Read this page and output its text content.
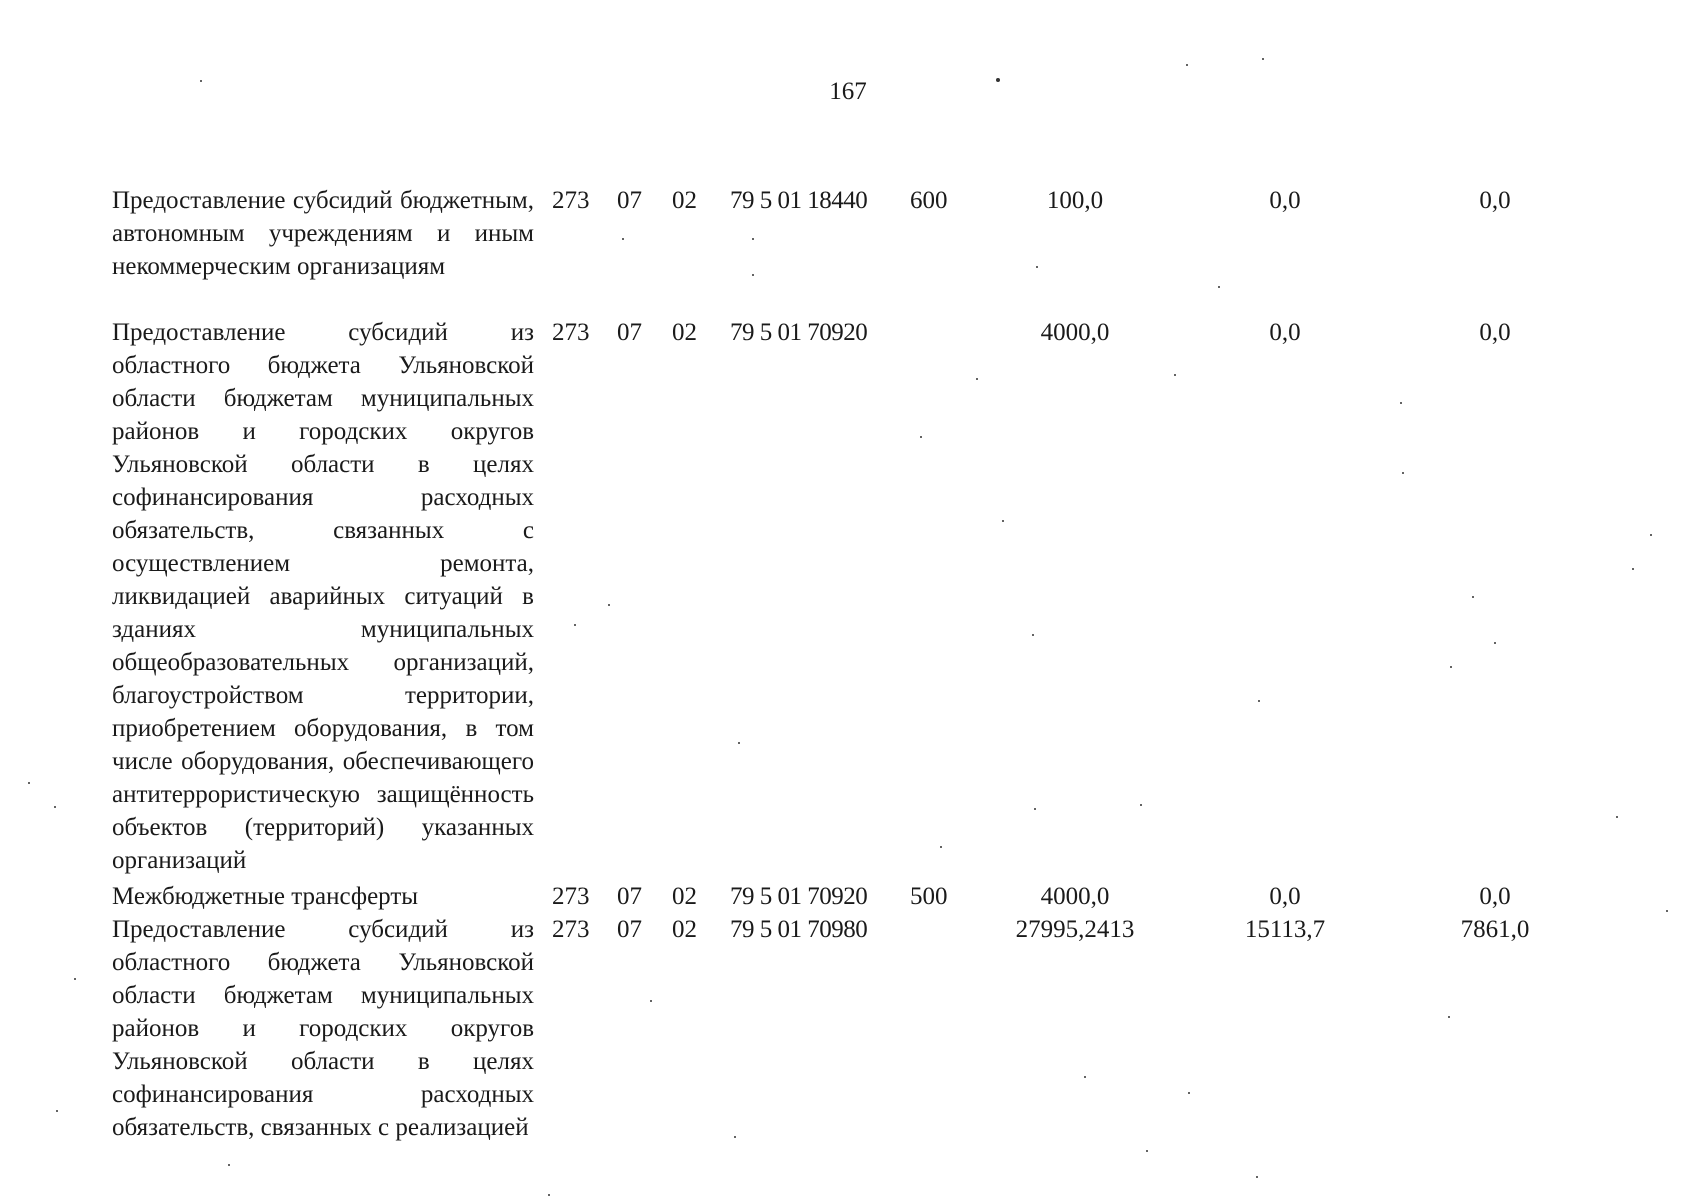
167
Предоставление субсидий бюджетным, автономным учреждениям и иным некоммерческим организациям
273 07 02 79 5 01 18440 600	100,0	0,0	0,0
Предоставление субсидий из областного бюджета Ульяновской области бюджетам муниципальных районов и городских округов Ульяновской области в целях софинансирования расходных обязательств, связанных с осуществлением ремонта, ликвидацией аварийных ситуаций в зданиях муниципальных общеобразовательных организаций, благоустройством территории, приобретением оборудования, в том числе оборудования, обеспечивающего антитеррористическую защищённость объектов (территорий) указанных организаций
273 07 02 79 5 01 70920	4000,0	0,0	0,0
Межбюджетные трансферты	273 07 02 79 5 01 70920 500	4000,0	0,0	0,0
Предоставление субсидий из областного бюджета Ульяновской области бюджетам муниципальных районов и городских округов Ульяновской области в целях софинансирования расходных обязательств, связанных с реализацией
273 07 02 79 5 01 70980	27995,2413	15113,7	7861,0
